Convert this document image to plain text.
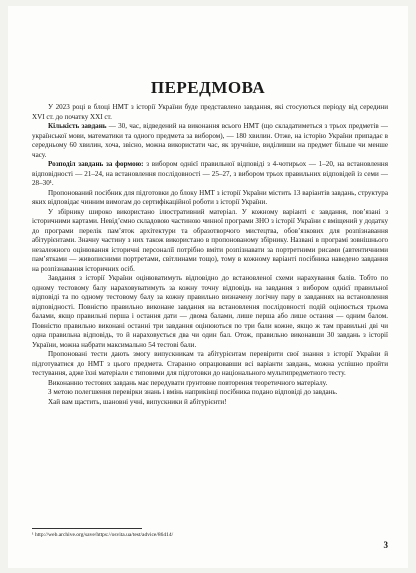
ПЕРЕДМОВА

У 2023 році в блоці НМТ з історії України буде представлено завдання, які стосуються періоду від середини XVI ст. до початку XXI ст.

Кількість завдань — 30, час, відведений на виконання всього НМТ (що складатиметься з трьох предметів — української мови, математики та одного предмета за вибором), — 180 хвилин. Отже, на історію України припадає в середньому 60 хвилин, хоча, звісно, можна використати час, як зручніше, виділивши на предмет більше чи менше часу.

Розподіл завдань за формою: з вибором однієї правильної відповіді з 4-чотирьох — 1–20, на встановлення відповідності — 21–24, на встановлення послідовності — 25–27, з вибором трьох правильних відповідей із семи — 28–30¹.

Пропонований посібник для підготовки до блоку НМТ з історії України містить 13 варіантів завдань, структура яких відповідає чинним вимогам до сертифікаційної роботи з історії України.

У збірнику широко використано ілюстративний матеріал. У кожному варіанті є завдання, пов’язані з історичними картами. Невід’ємно складовою частиною чинної програми ЗНО з історії України є вміщений у додатку до програми перелік пам’яток архітектури та образотворчого мистецтва, обов’язкових для розпізнавання абітурієнтами. Значну частину з них також використано в пропонованому збірнику. Названі в програмі зовнішнього незалежного оцінювання історичні персоналії потрібно вміти розпізнавати за портретними рисами (автентичними пам’ятками — живописними портретами, світлинами тощо), тому в кожному варіанті посібника наведено завдання на розпізнавання історичних осіб.

Завдання з історії України оцінюватимуть відповідно до встановленої схеми нарахування балів. Тобто по одному тестовому балу нараховуватимуть за кожну точну відповідь на завдання з вибором однієї правильної відповіді та по одному тестовому балу за кожну правильно визначену логічну пару в завданнях на встановлення відповідності. Повністю правильно виконане завдання на встановлення послідовності подій оцінюється трьома балами, якщо правильні перша і остання дати — двома балами, лише перша або лише остання — одним балом. Повністю правильно виконані останні три завдання оцінюються по три бали кожне, якщо ж там правильні дві чи одна правильна відповідь, то й нараховується два чи один бал. Отож, правильно виконавши 30 завдань з історії України, можна набрати максимально 54 тестові бали.

Пропоновані тести дають змогу випускникам та абітурієнтам перевірити свої знання з історії України й підготуватися до НМТ з цього предмета. Старанно опрацювавши всі варіанти завдань, можна успішно пройти тестування, адже їхні матеріали є типовими для підготовки до національного мультипредметного тесту.

Виконанню тестових завдань має передувати ґрунтовне повторення теоретичного матеріалу.

З метою полегшення перевірки знань і вмінь наприкінці посібника подано відповіді до завдань.

Хай вам щастить, шановні учні, випускники й абітурієнти!

¹ http://web.archive.org/save/https://osvita.ua/test/advice/86414/
3
